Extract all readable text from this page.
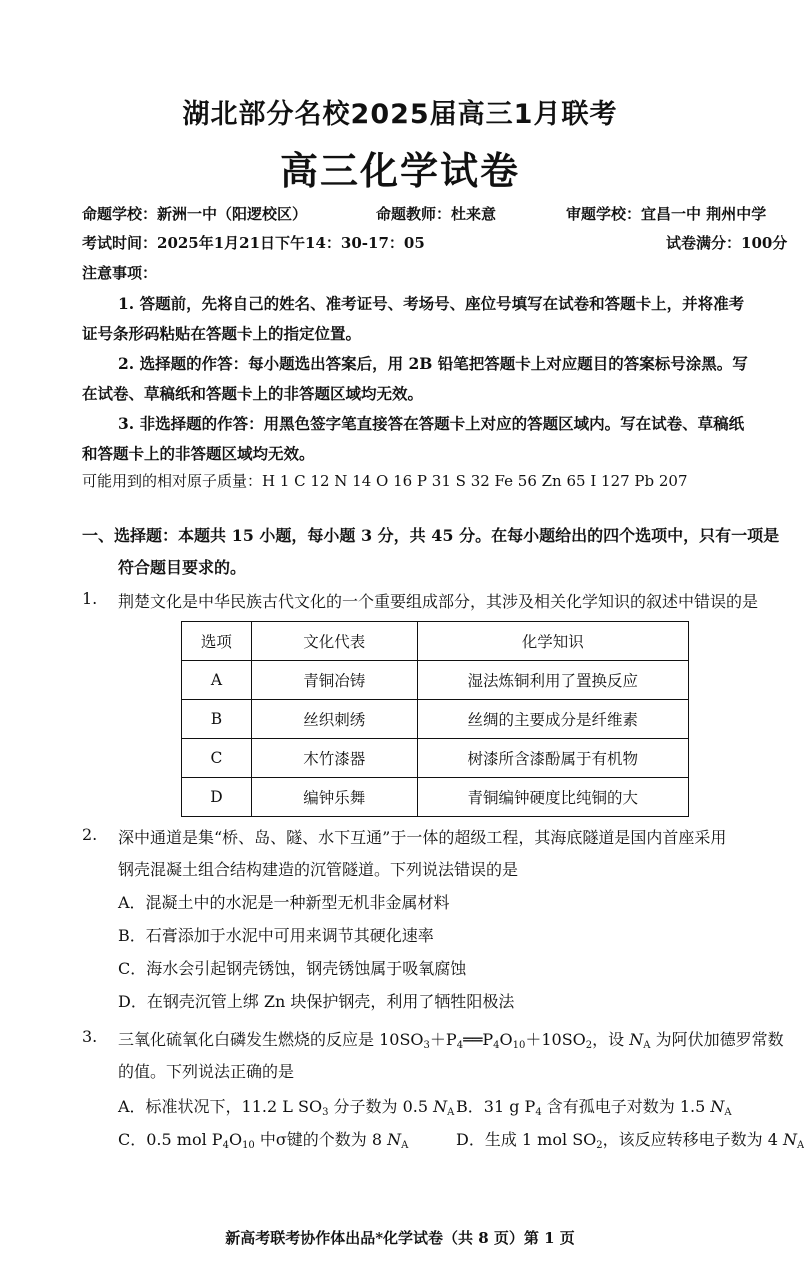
湖北部分名校2025届高三1月联考
高三化学试卷
命题学校：新洲一中（阳逻校区）	命题教师：杜来意	审题学校：宜昌一中 荆州中学
考试时间：2025年1月21日下午14：30-17：05	试卷满分：100分
注意事项：
1. 答题前，先将自己的姓名、准考证号、考场号、座位号填写在试卷和答题卡上，并将准考
证号条形码粘贴在答题卡上的指定位置。
2. 选择题的作答：每小题选出答案后，用 2B 铅笔把答题卡上对应题目的答案标号涂黑。写
在试卷、草稿纸和答题卡上的非答题区域均无效。
3. 非选择题的作答：用黑色签字笔直接答在答题卡上对应的答题区域内。写在试卷、草稿纸
和答题卡上的非答题区域均无效。
可能用到的相对原子质量：H 1 C 12 N 14 O 16 P 31 S 32 Fe 56 Zn 65 I 127 Pb 207
一、选择题：本题共 15 小题，每小题 3 分，共 45 分。在每小题给出的四个选项中，只有一项是
符合题目要求的。
1. 荆楚文化是中华民族古代文化的一个重要组成部分，其涉及相关化学知识的叙述中错误的是
选项	文化代表	化学知识
A	青铜冶铸	湿法炼铜利用了置换反应
B	丝织刺绣	丝绸的主要成分是纤维素
C	木竹漆器	树漆所含漆酚属于有机物
D	编钟乐舞	青铜编钟硬度比纯铜的大
2. 深中通道是集“桥、岛、隧、水下互通”于一体的超级工程，其海底隧道是国内首座采用
钢壳混凝土组合结构建造的沉管隧道。下列说法错误的是
A．混凝土中的水泥是一种新型无机非金属材料
B．石膏添加于水泥中可用来调节其硬化速率
C．海水会引起钢壳锈蚀，钢壳锈蚀属于吸氧腐蚀
D．在钢壳沉管上绑 Zn 块保护钢壳，利用了牺牲阳极法
3. 三氧化硫氧化白磷发生燃烧的反应是 $10SO_3+P_4══P_4O_{10}+10SO_2$，设 $N_A$ 为阿伏加德罗常数
的值。下列说法正确的是
A．标准状况下，11.2 L $SO_3$ 分子数为 0.5 $N_A$ B．31 g $P_4$ 含有孤电子对数为 1.5 $N_A$
C．0.5 mol $P_4O_{10}$ 中σ键的个数为 8 $N_A$	D．生成 1 mol $SO_2$，该反应转移电子数为 4 $N_A$
新高考联考协作体出品*化学试卷（共 8 页）第 1 页
